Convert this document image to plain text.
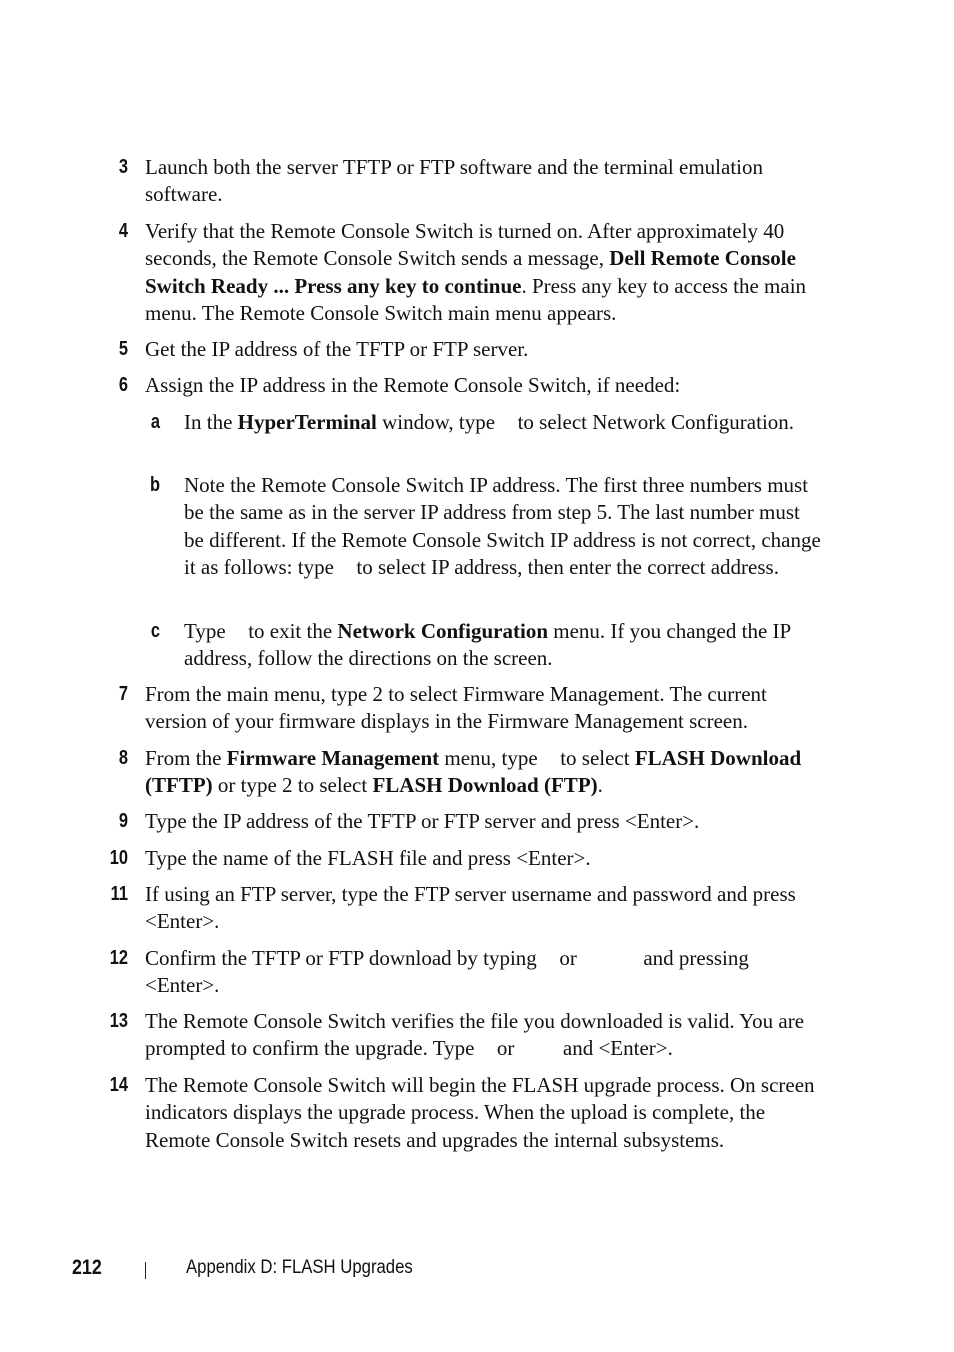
3 Launch both the server TFTP or FTP software and the terminal emulation software.
4 Verify that the Remote Console Switch is turned on. After approximately 40 seconds, the Remote Console Switch sends a message, Dell Remote Console Switch Ready ... Press any key to continue. Press any key to access the main menu. The Remote Console Switch main menu appears.
5 Get the IP address of the TFTP or FTP server.
6 Assign the IP address in the Remote Console Switch, if needed:
a In the HyperTerminal window, type  to select Network Configuration.
b Note the Remote Console Switch IP address. The first three numbers must be the same as in the server IP address from step 5. The last number must be different. If the Remote Console Switch IP address is not correct, change it as follows: type  to select IP address, then enter the correct address.
c Type  to exit the Network Configuration menu. If you changed the IP address, follow the directions on the screen.
7 From the main menu, type 2 to select Firmware Management. The current version of your firmware displays in the Firmware Management screen.
8 From the Firmware Management menu, type  to select FLASH Download (TFTP) or type 2 to select FLASH Download (FTP).
9 Type the IP address of the TFTP or FTP server and press <Enter>.
10 Type the name of the FLASH file and press <Enter>.
11 If using an FTP server, type the FTP server username and password and press <Enter>.
12 Confirm the TFTP or FTP download by typing  or	and pressing <Enter>.
13 The Remote Console Switch verifies the file you downloaded is valid. You are prompted to confirm the upgrade. Type  or  and <Enter>.
14 The Remote Console Switch will begin the FLASH upgrade process. On screen indicators displays the upgrade process. When the upload is complete, the Remote Console Switch resets and upgrades the internal subsystems.
212	Appendix D: FLASH Upgrades
